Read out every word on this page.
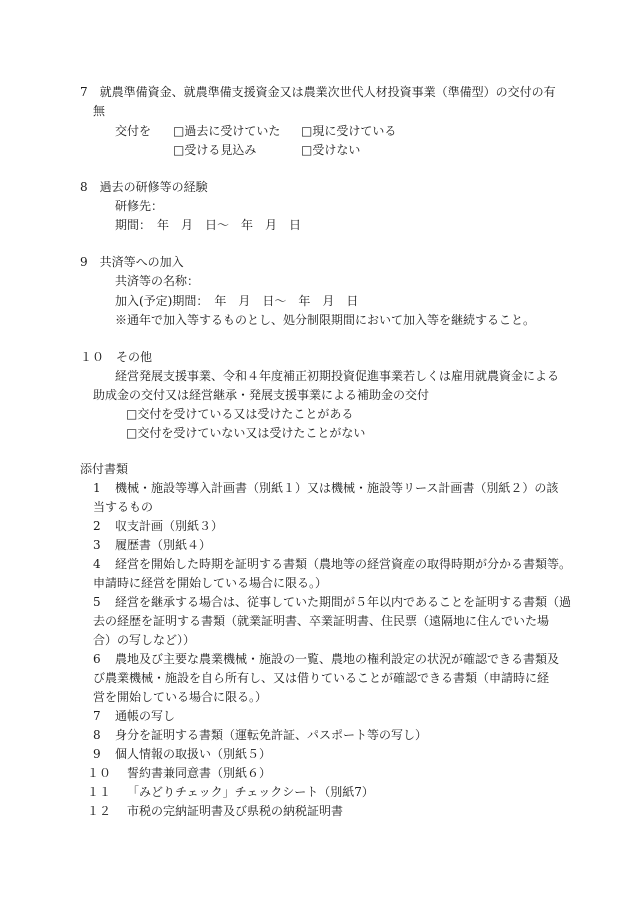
7　就農準備資金、就農準備支援資金又は農業次世代人材投資事業（準備型）の交付の有
無
交付を □過去に受けていた □現に受けている
□受ける見込み	□受けない
8　過去の研修等の経験
研修先：
期間：　年　月　日～　年　月　日
9　共済等への加入
共済等の名称：
加入(予定)期間：　年　月　日～　年　月　日
※通年で加入等するものとし、処分制限期間において加入等を継続すること。
１０　その他
経営発展支援事業、令和４年度補正初期投資促進事業若しくは雇用就農資金による
助成金の交付又は経営継承・発展支援事業による補助金の交付
□交付を受けている又は受けたことがある
□交付を受けていない又は受けたことがない
添付書類
1 機械・施設等導入計画書（別紙１）又は機械・施設等リース計画書（別紙２）の該
当するもの
2 収支計画（別紙３）
3 履歴書（別紙４）
4 経営を開始した時期を証明する書類（農地等の経営資産の取得時期が分かる書類等。
申請時に経営を開始している場合に限る。）
5 経営を継承する場合は、従事していた期間が５年以内であることを証明する書類（過
去の経歴を証明する書類（就業証明書、卒業証明書、住民票（遠隔地に住んでいた場
合）の写しなど））
6 農地及び主要な農業機械・施設の一覧、農地の権利設定の状況が確認できる書類及
び農業機械・施設を自ら所有し、又は借りていることが確認できる書類（申請時に経
営を開始している場合に限る。）
7 通帳の写し
8 身分を証明する書類（運転免許証、パスポート等の写し）
9 個人情報の取扱い（別紙５）
１０ 誓約書兼同意書（別紙６）
１１ 「みどりチェック」チェックシート（別紙7）
１２ 市税の完納証明書及び県税の納税証明書
